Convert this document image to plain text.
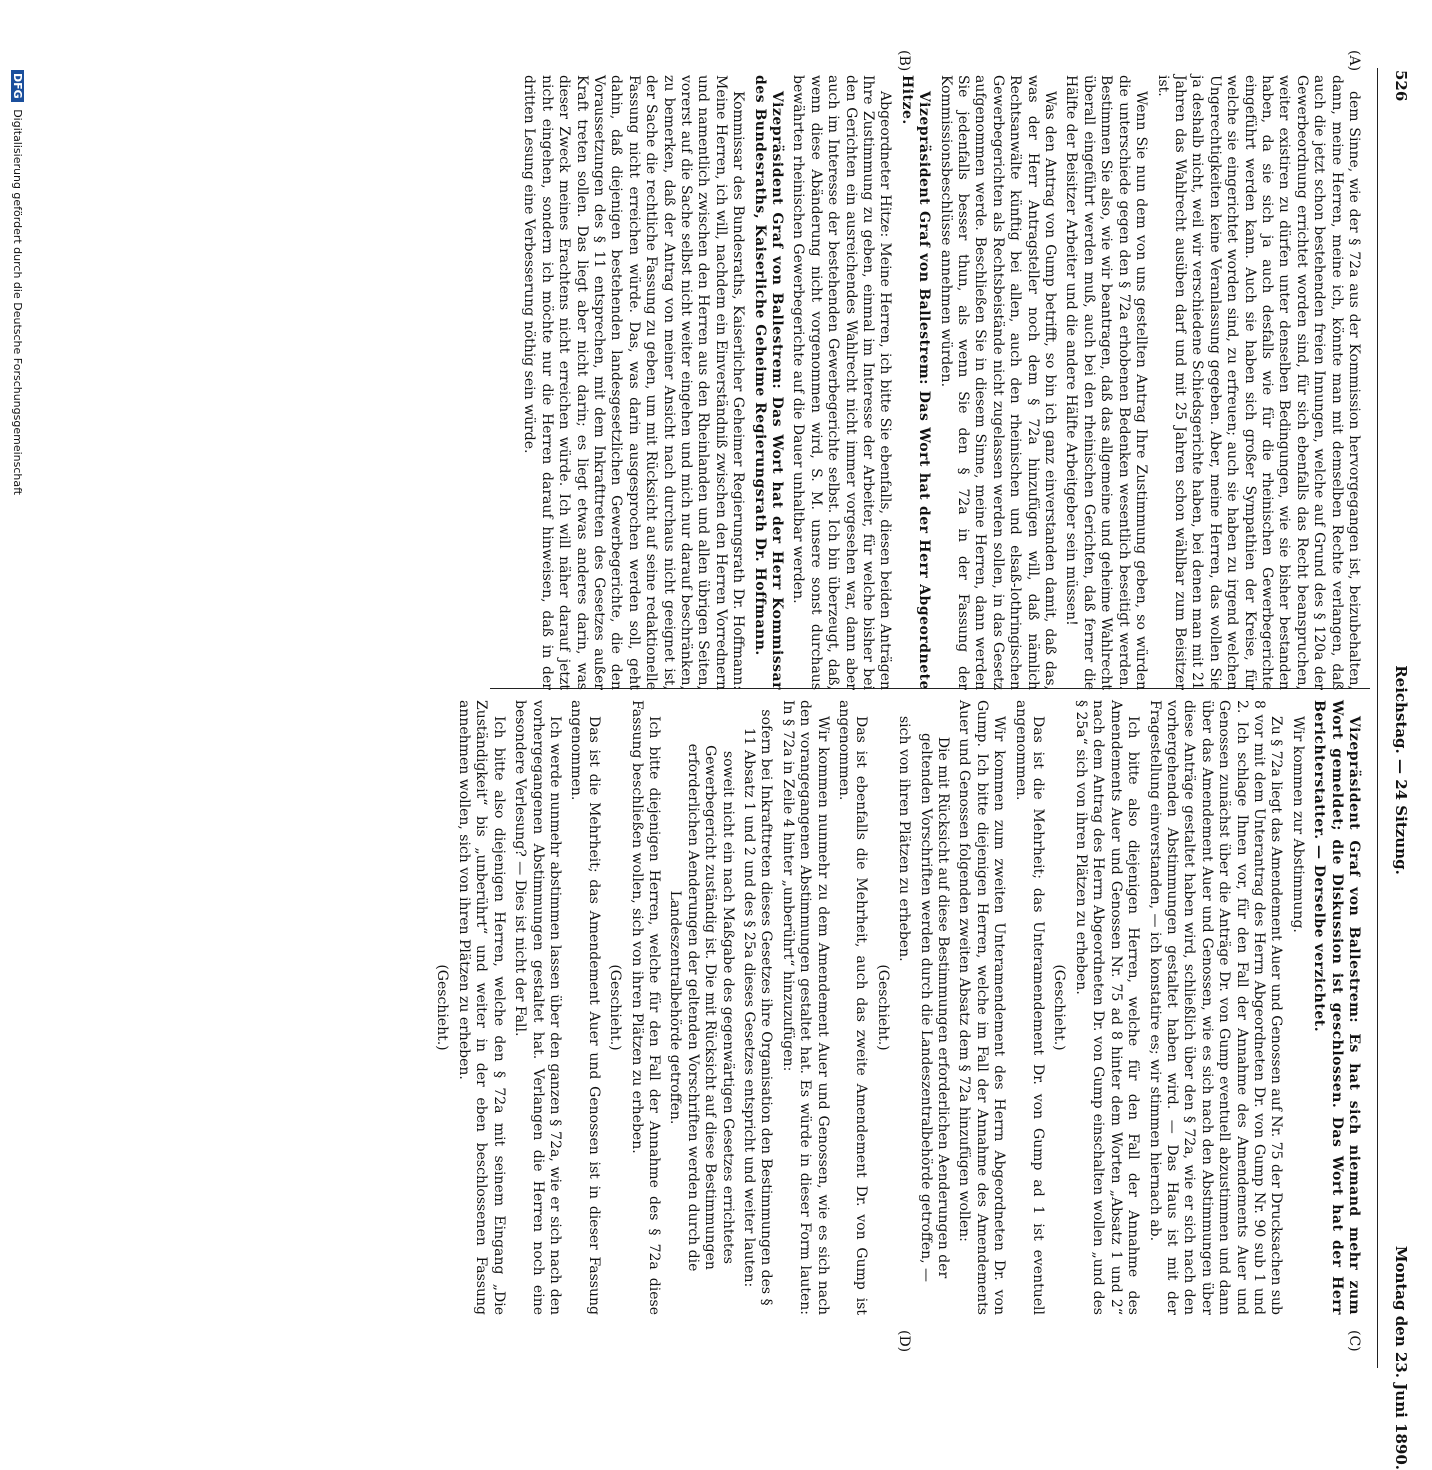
526
Reichstag. — 24 Sitzung.
Montag den 23. Juni 1890.
(A)
(B)
(C)
(D)

dem Sinne, wie der § 72a aus der Kommission hervorgegangen ist, beizubehalten, dann, meine Herren, meine ich, könnte man mit demselben Rechte verlangen, daß auch die jetzt schon bestehenden freien Innungen, welche auf Grund des § 120a der Gewerbeordnung errichtet worden sind, für sich ebenfalls das Recht beanspruchen, weiter existiren zu dürfen unter denselben Bedingungen, wie sie bisher bestanden haben, da sie sich ja auch desfalls wie für die rheinischen Gewerbegerichte eingeführt werden kann. Auch sie haben sich großer Sympathien der Kreise, für welche sie eingerichtet worden sind, zu erfreuen; auch sie haben zu irgend welchen Ungerechtigkeiten keine Veranlassung gegeben. Aber, meine Herren, das wollen Sie ja deshalb nicht, weil wir verschiedene Schiedsgerichte haben, bei denen man mit 21 Jahren das Wahlrecht ausüben darf und mit 25 Jahren schon wählbar zum Beisitzer ist.

Wenn Sie nun dem von uns gestellten Antrag Ihre Zustimmung geben, so würden die unterschiede gegen den § 72a erhobenen Bedenken wesentlich beseitigt werden. Bestimmen Sie also, wie wir beantragen, daß das allgemeine und geheime Wahlrecht überall eingeführt werden muß, auch bei den rheinischen Gerichten, daß ferner die Hälfte der Beisitzer Arbeiter und die andere Hälfte Arbeitgeber sein müssen!

Was den Antrag von Gump betrifft, so bin ich ganz einverstanden damit, daß das, was der Herr Antragsteller noch dem § 72a hinzufügen will, daß nämlich Rechtsanwälte künftig bei allen, auch den rheinischen und elsaß-lothringischen Gewerbegerichten als Rechtsbeistände nicht zugelassen werden sollen, in das Gesetz aufgenommen werde. Beschließen Sie in diesem Sinne, meine Herren, dann werden Sie jedenfalls besser thun, als wenn Sie den § 72a in der Fassung der Kommissionsbeschlüsse annehmen würden.

Vizepräsident Graf von Ballestrem: Das Wort hat der Herr Abgeordnete Hitze.

Abgeordneter Hitze: Meine Herren, ich bitte Sie ebenfalls, diesen beiden Anträgen Ihre Zustimmung zu geben, einmal im Interesse der Arbeiter, für welche bisher bei den Gerichten ein ausreichendes Wahlrecht nicht immer vorgesehen war, dann aber auch im Interesse der bestehenden Gewerbegerichte selbst. Ich bin überzeugt, daß, wenn diese Abänderung nicht vorgenommen wird, S. M. unsere sonst durchaus bewährten rheinischen Gewerbegerichte auf die Dauer unhaltbar werden.

Vizepräsident Graf von Ballestrem: Das Wort hat der Herr Kommissar des Bundesraths, Kaiserliche Geheime Regierungsrath Dr. Hoffmann.

Kommissar des Bundesraths, Kaiserlicher Geheimer Regierungsrath Dr. Hoffmann: Meine Herren, ich will, nachdem ein Einverständniß zwischen den Herren Vorrednern und namentlich zwischen den Herren aus den Rheinlanden und allen übrigen Seiten, vorerst auf die Sache selbst nicht weiter eingehen und mich nur darauf beschränken, zu bemerken, daß der Antrag von meiner Ansicht nach durchaus nicht geeignet ist, der Sache die rechtliche Fassung zu geben, um mit Rücksicht auf seine redaktionelle Fassung nicht erreichen würde. Das, was darin ausgesprochen werden soll, geht dahin, daß diejenigen bestehenden landesgesetzlichen Gewerbegerichte, die den Voraussetzungen des § 11 entsprechen, mit dem Inkrafttreten des Gesetzes außer Kraft treten sollen. Das liegt aber nicht darin; es liegt etwas anderes darin, was dieser Zweck meines Erachtens nicht erreichen würde. Ich will näher darauf jetzt nicht eingehen, sondern ich möchte nur die Herren darauf hinweisen, daß in der dritten Lesung eine Verbesserung nöthig sein würde.

Vizepräsident Graf von Ballestrem: Es hat sich niemand mehr zum Wort gemeldet; die Diskussion ist geschlossen. Das Wort hat der Herr Berichterstatter. — Derselbe verzichtet.

Wir kommen zur Abstimmung.

Zu § 72a liegt das Amendement Auer und Genossen auf Nr. 75 der Drucksachen sub 8 vor mit dem Unterantrag des Herrn Abgeordneten Dr. von Gump Nr. 90 sub 1 und 2. Ich schlage Ihnen vor, für den Fall der Annahme des Amendements Auer und Genossen zunächst über die Anträge Dr. von Gump eventuell abzustimmen und dann über das Amendement Auer und Genossen, wie es sich nach den Abstimmungen über diese Anträge gestaltet haben wird, schließlich über den § 72a, wie er sich nach den vorhergehenden Abstimmungen gestaltet haben wird. — Das Haus ist mit der Fragestellung einverstanden, — ich konstatire es; wir stimmen hiernach ab.

Ich bitte also diejenigen Herren, welche für den Fall der Annahme des Amendements Auer und Genossen Nr. 75 ad 8 hinter dem Worten „Absatz 1 und 2“ nach dem Antrag des Herrn Abgeordneten Dr. von Gump einschalten wollen „und des § 25a“ sich von ihren Plätzen zu erheben.

(Geschieht.)

Das ist die Mehrheit; das Unteramendement Dr. von Gump ad 1 ist eventuell angenommen.

Wir kommen zum zweiten Unteramendement des Herrn Abgeordneten Dr. von Gump. Ich bitte diejenigen Herren, welche im Fall der Annahme des Amendements Auer und Genossen folgenden zweiten Absatz dem § 72a hinzufügen wollen:

Die mit Rücksicht auf diese Bestimmungen erforderlichen Aenderungen der geltenden Vorschriften werden durch die Landeszentralbehörde getroffen, —

sich von ihren Plätzen zu erheben.

(Geschieht.)

Das ist ebenfalls die Mehrheit, auch das zweite Amendement Dr. von Gump ist angenommen.

Wir kommen nunmehr zu dem Amendement Auer und Genossen, wie es sich nach den vorangegangenen Abstimmungen gestaltet hat. Es würde in dieser Form lauten: In § 72a in Zeile 4 hinter „unberührt“ hinzuzufügen:

sofern bei Inkrafttreten dieses Gesetzes ihre Organisation den Bestimmungen des § 11 Absatz 1 und 2 und des § 25a dieses Gesetzes entspricht und weiter lauten:

soweit nicht ein nach Maßgabe des gegenwärtigen Gesetzes errichtetes Gewerbegericht zuständig ist. Die mit Rücksicht auf diese Bestimmungen erforderlichen Aenderungen der geltenden Vorschriften werden durch die Landeszentralbehörde getroffen.

Ich bitte diejenigen Herren, welche für den Fall der Annahme des § 72a diese Fassung beschließen wollen, sich von ihren Plätzen zu erheben.

(Geschieht.)

Das ist die Mehrheit; das Amendement Auer und Genossen ist in dieser Fassung angenommen.

Ich werde nunmehr abstimmen lassen über den ganzen § 72a, wie er sich nach den vorhergegangenen Abstimmungen gestaltet hat. Verlangen die Herren noch eine besondere Verlesung? — Dies ist nicht der Fall.

Ich bitte also diejenigen Herren, welche den § 72a mit seinem Eingang „Die Zuständigkeit“ bis „unberührt“ und weiter in der eben beschlossenen Fassung annehmen wollen, sich von ihren Plätzen zu erheben.

(Geschieht.)

DFG Digitalisierung gefördert durch die Deutsche Forschungsgemeinschaft
